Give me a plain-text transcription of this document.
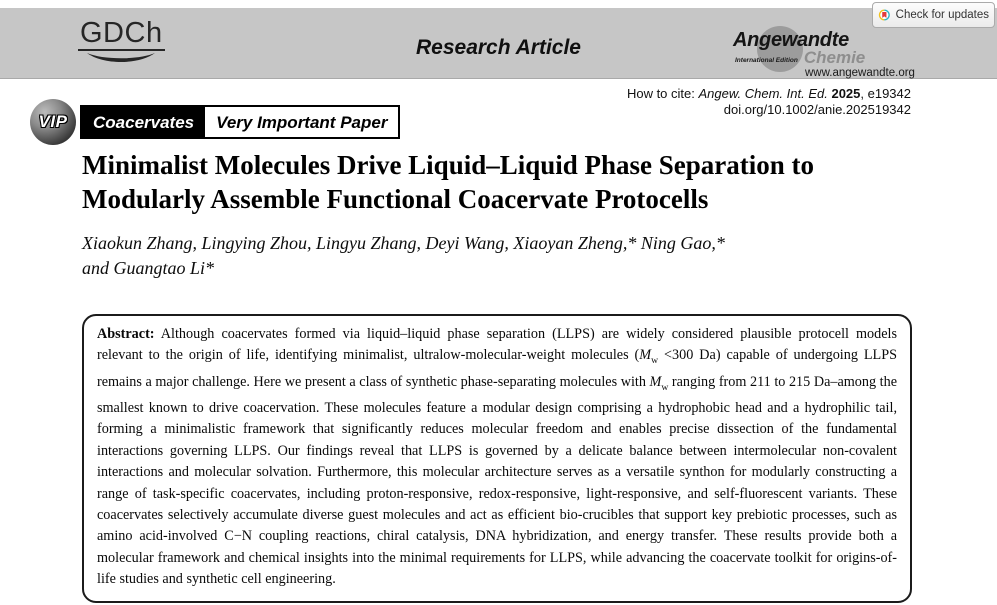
GDCh	Research Article	Angewandte
International Edition Chemie
www.angewandte.org
Check for updates
How to cite: Angew. Chem. Int. Ed. 2025, e19342
doi.org/10.1002/anie.202519342
VIP	Coacervates	Very Important Paper
Minimalist Molecules Drive Liquid–Liquid Phase Separation to
Modularly Assemble Functional Coacervate Protocells
Xiaokun Zhang, Lingying Zhou, Lingyu Zhang, Deyi Wang, Xiaoyan Zheng,* Ning Gao,*
and Guangtao Li*

Abstract: Although coacervates formed via liquid–liquid phase separation (LLPS) are widely considered plausible protocell models relevant to the origin of life, identifying minimalist, ultralow-molecular-weight molecules ($M_w <300$ Da) capable of undergoing LLPS remains a major challenge. Here we present a class of synthetic phase-separating molecules with $M_w$ ranging from 211 to 215 Da–among the smallest known to drive coacervation. These molecules feature a modular design comprising a hydrophobic head and a hydrophilic tail, forming a minimalistic framework that significantly reduces molecular freedom and enables precise dissection of the fundamental interactions governing LLPS. Our findings reveal that LLPS is governed by a delicate balance between intermolecular non-covalent interactions and molecular solvation. Furthermore, this molecular architecture serves as a versatile synthon for modularly constructing a range of task-specific coacervates, including proton-responsive, redox-responsive, light-responsive, and self-fluorescent variants. These coacervates selectively accumulate diverse guest molecules and act as efficient bio-crucibles that support key prebiotic processes, such as amino acid-involved C−N coupling reactions, chiral catalysis, DNA hybridization, and energy transfer. These results provide both a molecular framework and chemical insights into the minimal requirements for LLPS, while advancing the coacervate toolkit for origins-of-life studies and synthetic cell engineering.
